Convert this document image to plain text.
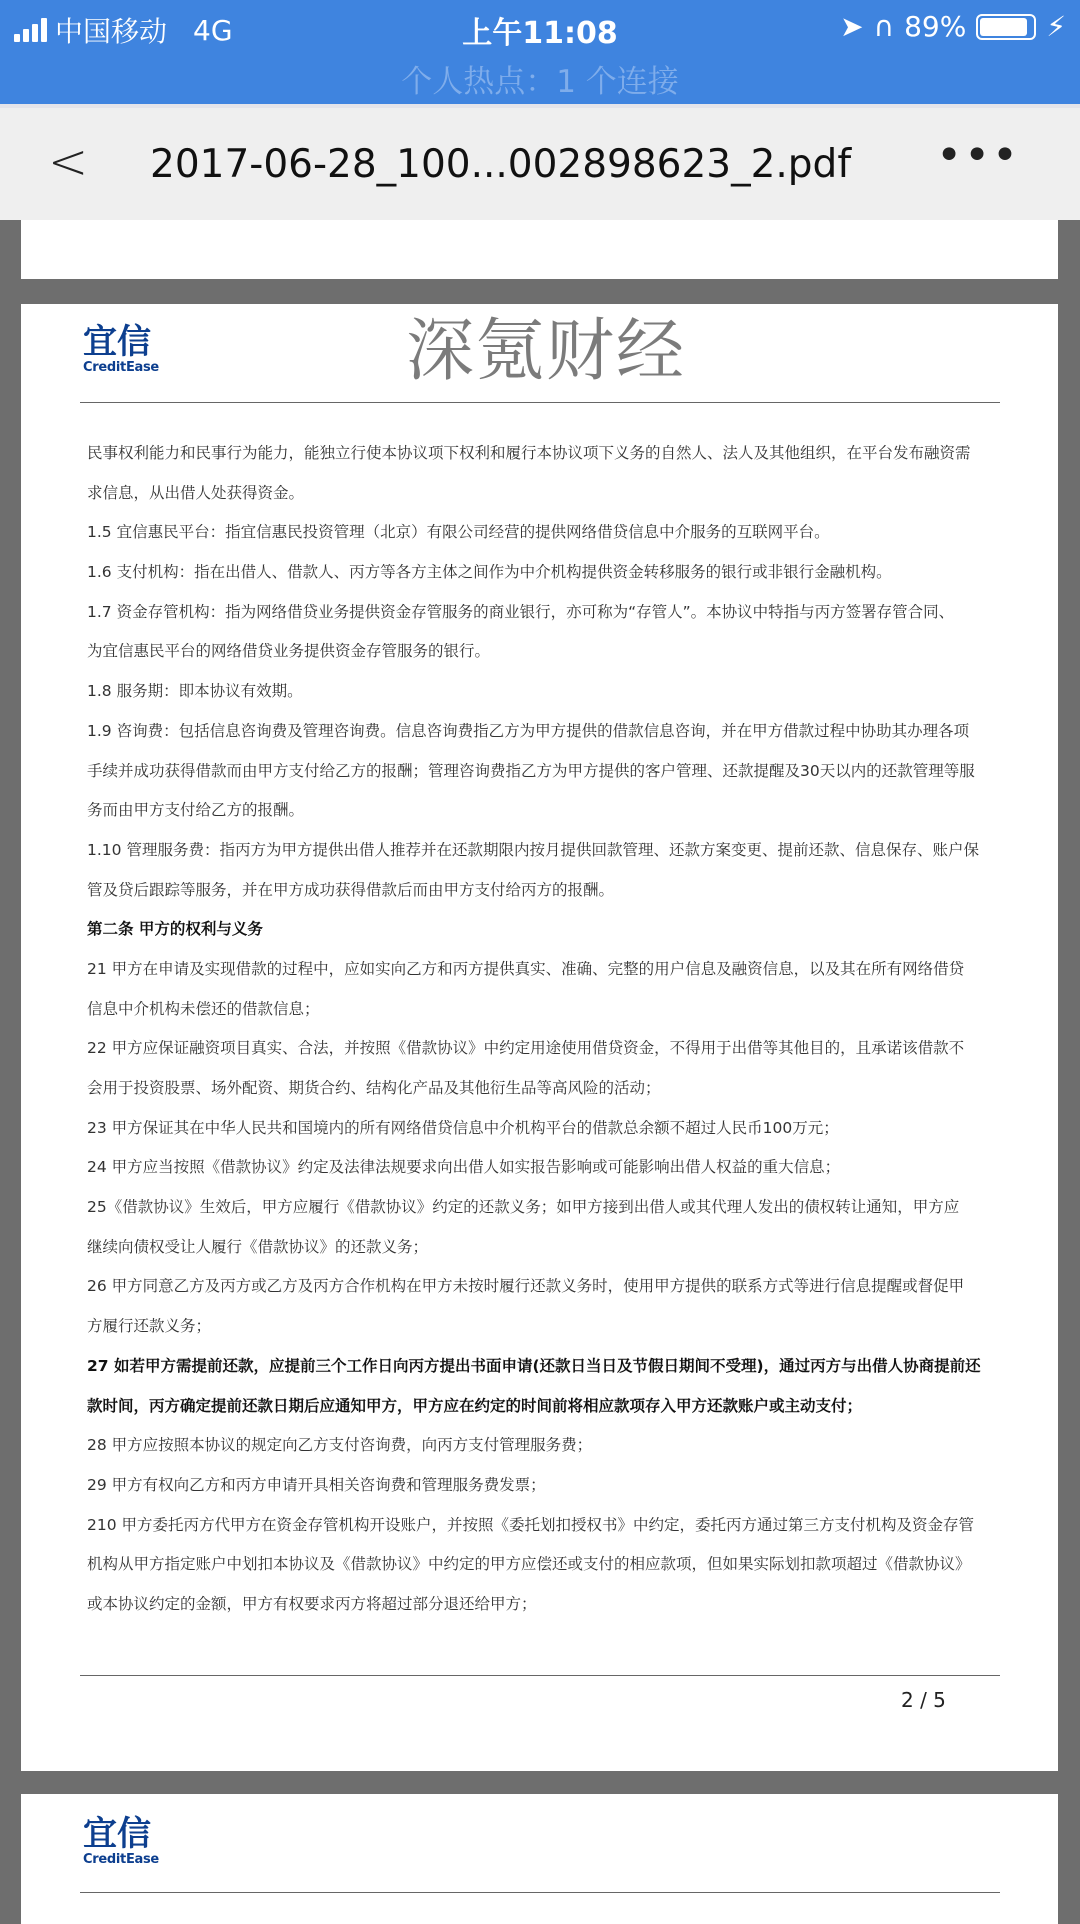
中国移动 4G	上午11:08	➤ ∩ 89%	⚡
个人热点：1 个连接
< 2017-06-28_100...002898623_2.pdf •••
宜信
CreditEase	深氪财经
民事权利能力和民事行为能力，能独立行使本协议项下权利和履行本协议项下义务的自然人、法人及其他组织，在平台发布融资需
求信息，从出借人处获得资金。
1.5 宜信惠民平台：指宜信惠民投资管理（北京）有限公司经营的提供网络借贷信息中介服务的互联网平台。
1.6 支付机构：指在出借人、借款人、丙方等各方主体之间作为中介机构提供资金转移服务的银行或非银行金融机构。
1.7 资金存管机构：指为网络借贷业务提供资金存管服务的商业银行，亦可称为“存管人”。本协议中特指与丙方签署存管合同、
为宜信惠民平台的网络借贷业务提供资金存管服务的银行。
1.8 服务期：即本协议有效期。
1.9 咨询费：包括信息咨询费及管理咨询费。信息咨询费指乙方为甲方提供的借款信息咨询，并在甲方借款过程中协助其办理各项
手续并成功获得借款而由甲方支付给乙方的报酬；管理咨询费指乙方为甲方提供的客户管理、还款提醒及30天以内的还款管理等服
务而由甲方支付给乙方的报酬。
1.10 管理服务费：指丙方为甲方提供出借人推荐并在还款期限内按月提供回款管理、还款方案变更、提前还款、信息保存、账户保
管及贷后跟踪等服务，并在甲方成功获得借款后而由甲方支付给丙方的报酬。
第二条 甲方的权利与义务
21 甲方在申请及实现借款的过程中，应如实向乙方和丙方提供真实、准确、完整的用户信息及融资信息，以及其在所有网络借贷
信息中介机构未偿还的借款信息；
22 甲方应保证融资项目真实、合法，并按照《借款协议》中约定用途使用借贷资金，不得用于出借等其他目的，且承诺该借款不
会用于投资股票、场外配资、期货合约、结构化产品及其他衍生品等高风险的活动；
23 甲方保证其在中华人民共和国境内的所有网络借贷信息中介机构平台的借款总余额不超过人民币100万元；
24 甲方应当按照《借款协议》约定及法律法规要求向出借人如实报告影响或可能影响出借人权益的重大信息；
25《借款协议》生效后，甲方应履行《借款协议》约定的还款义务；如甲方接到出借人或其代理人发出的债权转让通知，甲方应
继续向债权受让人履行《借款协议》的还款义务；
26 甲方同意乙方及丙方或乙方及丙方合作机构在甲方未按时履行还款义务时，使用甲方提供的联系方式等进行信息提醒或督促甲
方履行还款义务；
27 如若甲方需提前还款，应提前三个工作日向丙方提出书面申请(还款日当日及节假日期间不受理)，通过丙方与出借人协商提前还
款时间，丙方确定提前还款日期后应通知甲方，甲方应在约定的时间前将相应款项存入甲方还款账户或主动支付；
28 甲方应按照本协议的规定向乙方支付咨询费，向丙方支付管理服务费；
29 甲方有权向乙方和丙方申请开具相关咨询费和管理服务费发票；
210 甲方委托丙方代甲方在资金存管机构开设账户，并按照《委托划扣授权书》中约定，委托丙方通过第三方支付机构及资金存管
机构从甲方指定账户中划扣本协议及《借款协议》中约定的甲方应偿还或支付的相应款项，但如果实际划扣款项超过《借款协议》
或本协议约定的金额，甲方有权要求丙方将超过部分退还给甲方；
2 / 5
宜信
CreditEase
